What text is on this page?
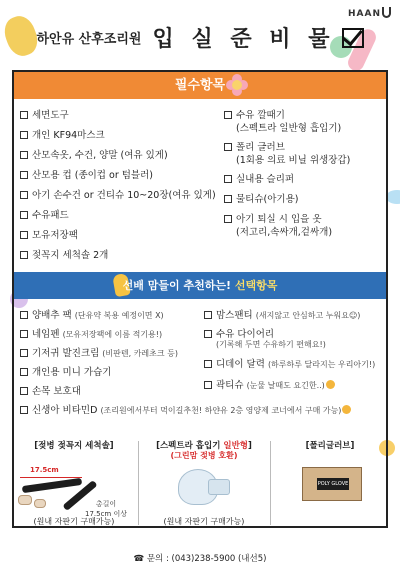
HAAN
하안유 산후조리원 입 실 준 비 물
필수항목
세면도구
개인 KF94마스크
산모속옷, 수건, 양말 (여유 있게)
산모용 컵 (종이컵 or 텀블러)
아기 손수건 or 건티슈 10~20장(여유 있게)
수유패드
모유저장팩
젖꼭지 세척솔 2개
수유 깔때기
(스펙트라 일반형 흡입기)
폴리 글러브
(1회용 의료 비닐 위생장갑)
실내용 슬리퍼
물티슈(아기용)
아기 퇴실 시 입을 옷
(저고리,속싸개,겉싸개)
선배 맘들이 추천하는! 선택항목
양배추 팩 (단유약 복용 예정이면 X)
네임펜 (모유저장팩에 이름 적기용!)
기저귀 발진크림 (비판텐, 카레초크 등)
개인용 미니 가습기
손목 보호대
맘스팬티 (새지않고 안심하고 누워요☺)
수유 다이어리
(기록해 두면 수유하기 편해요!)
디데이 달력 (하루하루 달라지는 우리아기!)
곽티슈 (눈물 날때도 요긴한..)
신생아 비타민D (조리원에서부터 먹이길추천! 하얀유 2층 영양제 코너에서 구매 가능)
[젖병 젖꼭지 세척솔]
17.5cm
총길이
17.5cm 이상
(원내 자판기 구매가능)
[스펙트라 흡입기 일반형]
(그린맘 젖병 호환)
(원내 자판기 구매가능)
[폴리글러브]
POLY GLOVE
☎ 문의 : (043)238-5900 (내선5)
